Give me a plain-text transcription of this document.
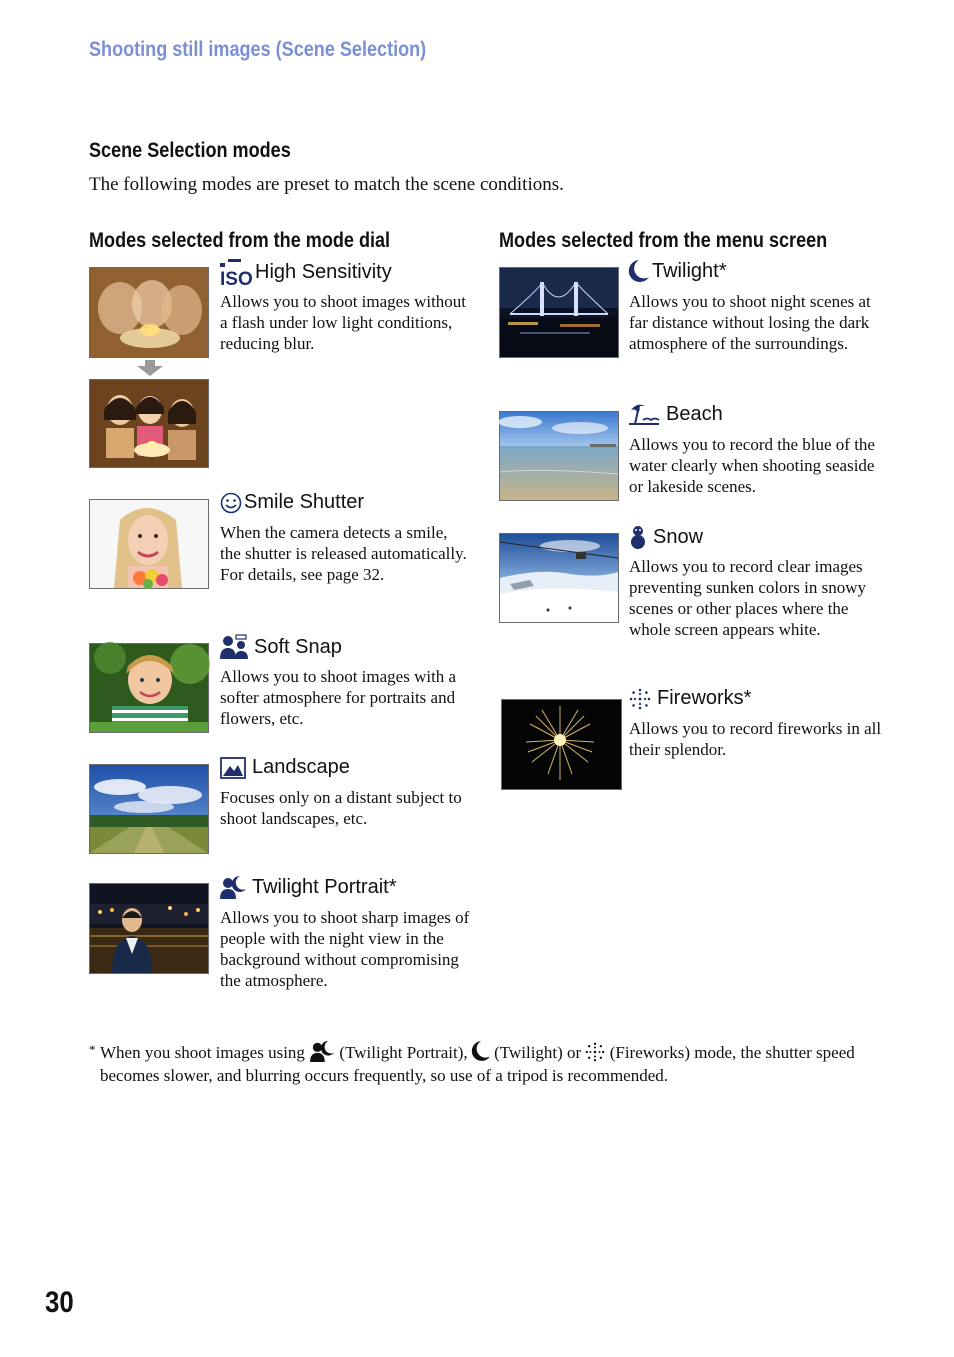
Shooting still images (Scene Selection)
Scene Selection modes
The following modes are preset to match the scene conditions.
Modes selected from the mode dial	Modes selected from the menu screen
ISO High Sensitivity
Allows you to shoot images without a flash under low light conditions, reducing blur.
Smile Shutter
When the camera detects a smile, the shutter is released automatically. For details, see page 32.
Soft Snap
Allows you to shoot images with a softer atmosphere for portraits and flowers, etc.
Landscape
Focuses only on a distant subject to shoot landscapes, etc.
Twilight Portrait*
Allows you to shoot sharp images of people with the night view in the background without compromising the atmosphere.
Twilight*
Allows you to shoot night scenes at far distance without losing the dark atmosphere of the surroundings.
Beach
Allows you to record the blue of the water clearly when shooting seaside or lakeside scenes.
Snow
Allows you to record clear images preventing sunken colors in snowy scenes or other places where the whole screen appears white.
Fireworks*
Allows you to record fireworks in all their splendor.
* When you shoot images using (Twilight Portrait), (Twilight) or (Fireworks) mode, the shutter speed becomes slower, and blurring occurs frequently, so use of a tripod is recommended.
30
